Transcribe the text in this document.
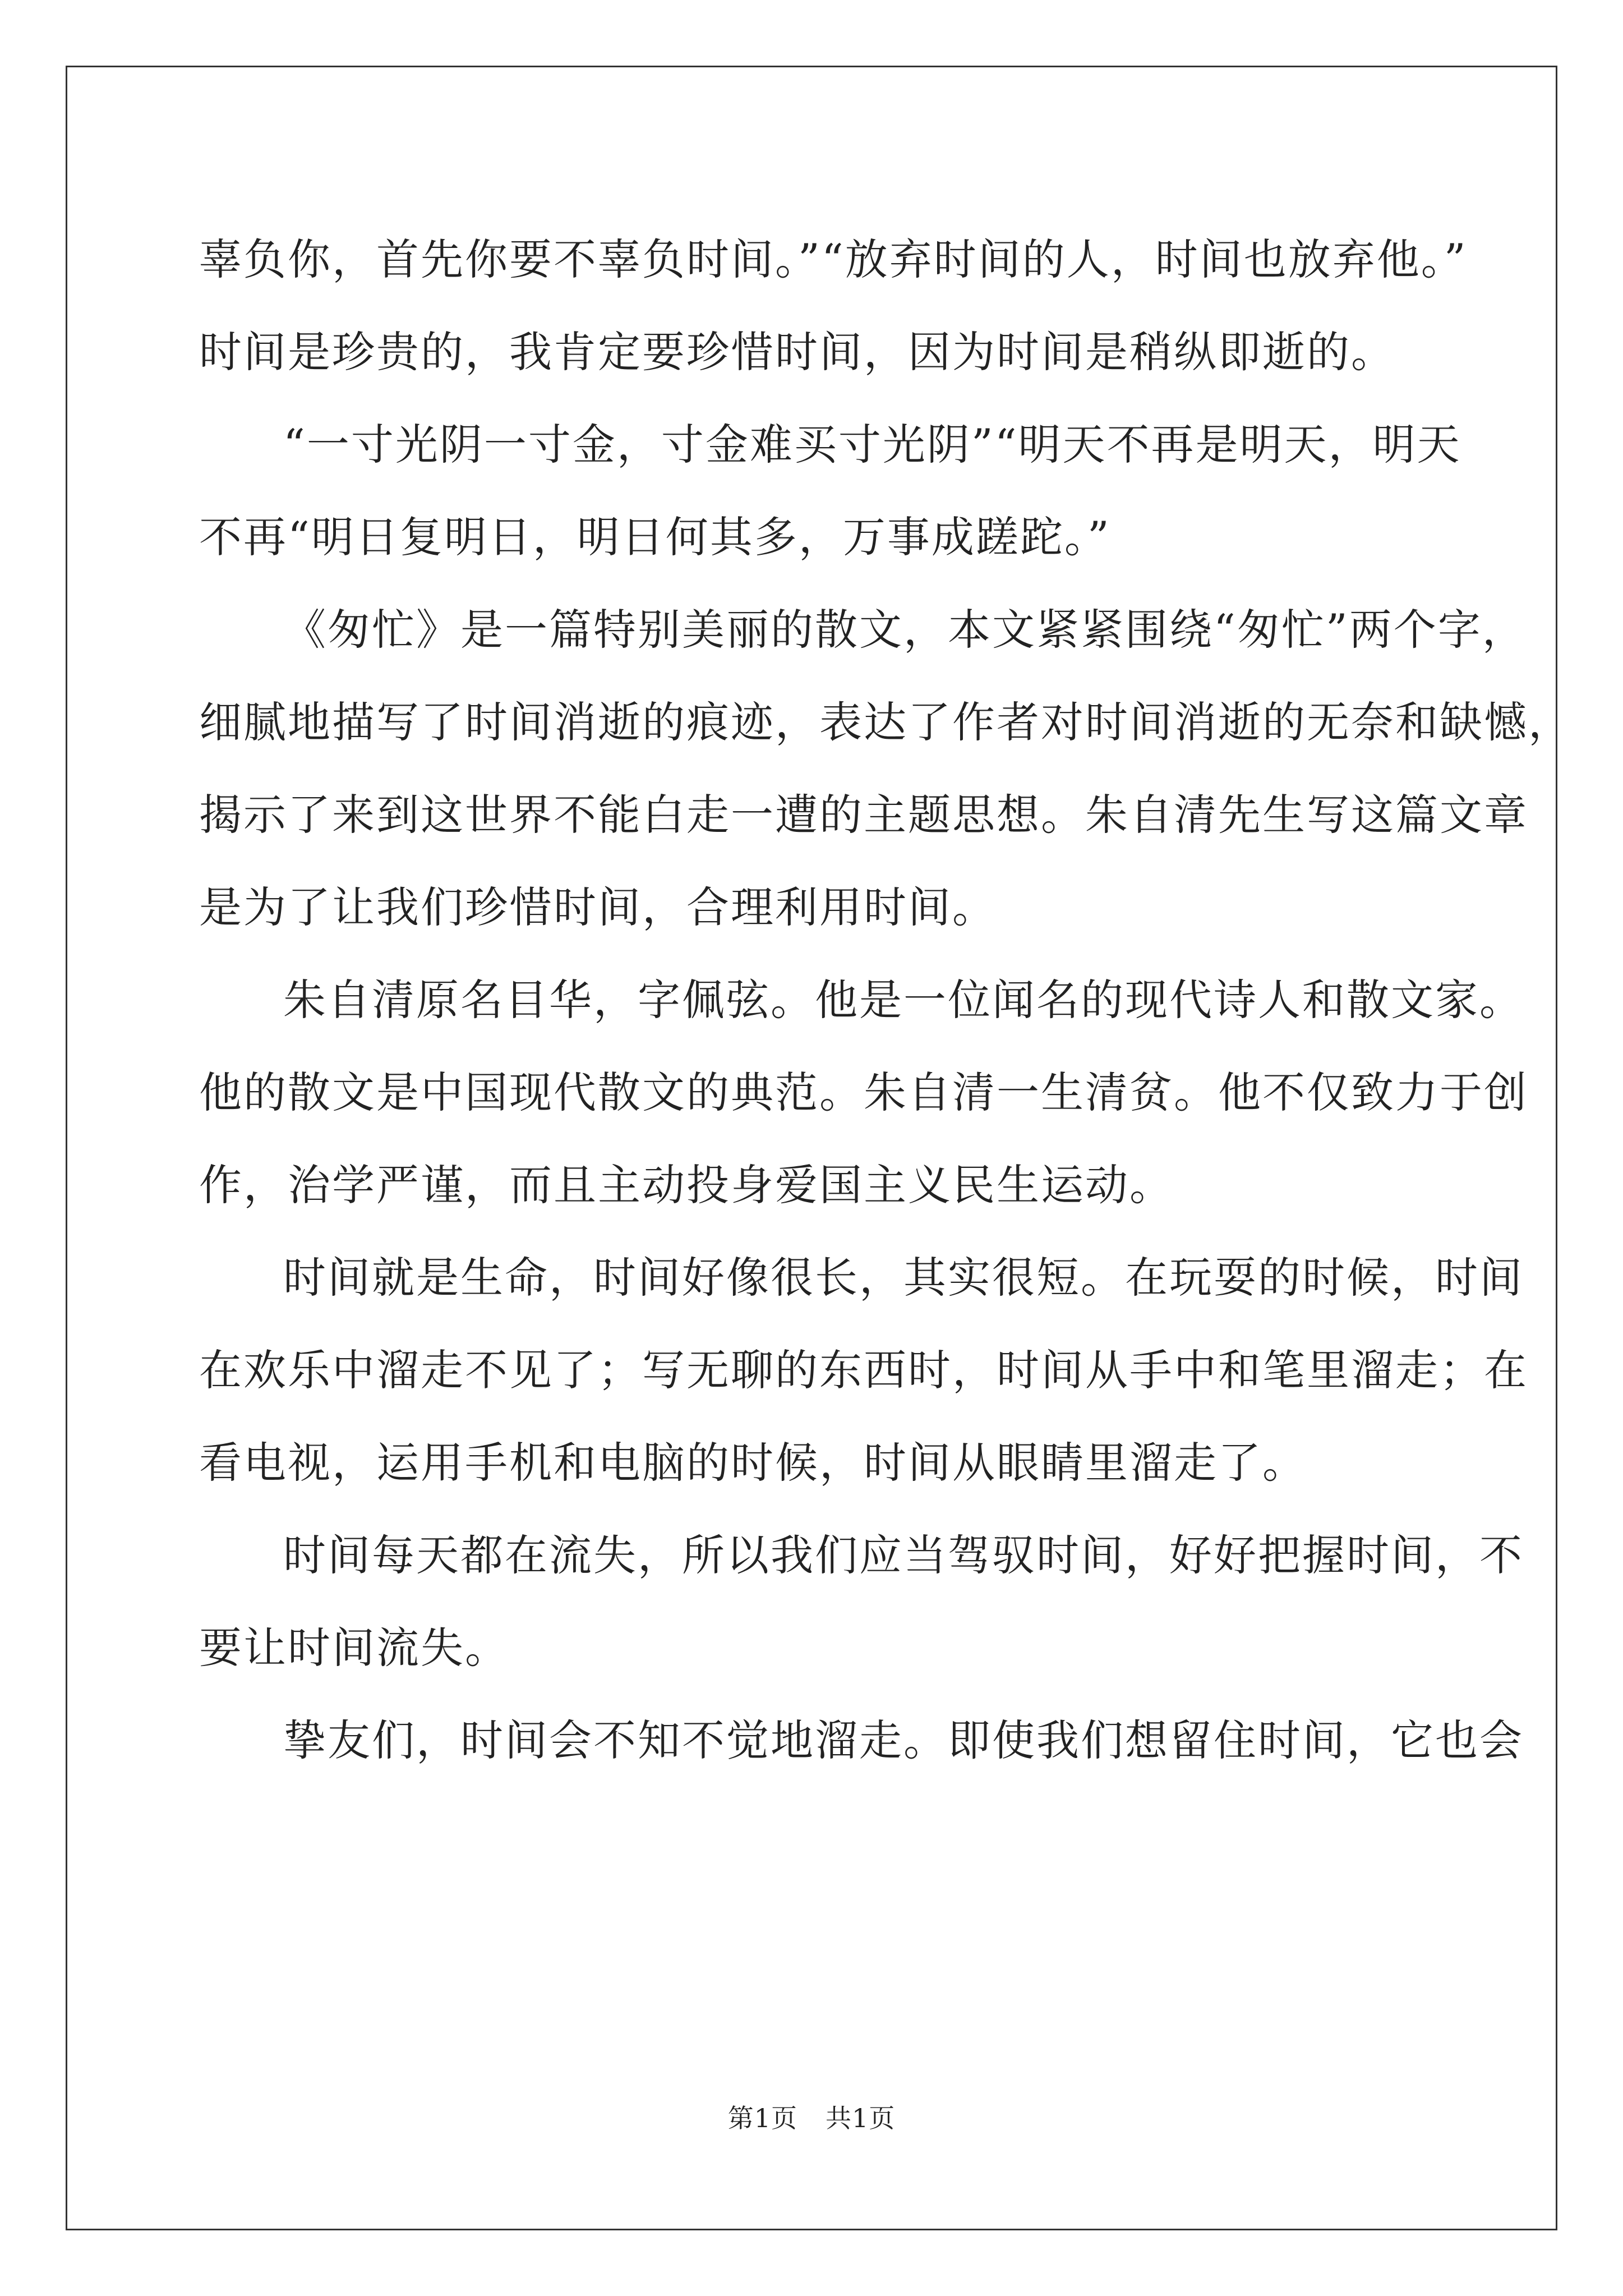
辜负你，首先你要不辜负时间。”“放弃时间的人，时间也放弃他。”
时间是珍贵的，我肯定要珍惜时间，因为时间是稍纵即逝的。
“一寸光阴一寸金，寸金难买寸光阴”“明天不再是明天，明天
不再“明日复明日，明日何其多，万事成蹉跎。”
《匆忙》是一篇特别美丽的散文，本文紧紧围绕“匆忙”两个字，
细腻地描写了时间消逝的痕迹，表达了作者对时间消逝的无奈和缺憾，
揭示了来到这世界不能白走一遭的主题思想。朱自清先生写这篇文章
是为了让我们珍惜时间，合理利用时间。
朱自清原名目华，字佩弦。他是一位闻名的现代诗人和散文家。
他的散文是中国现代散文的典范。朱自清一生清贫。他不仅致力于创
作，治学严谨，而且主动投身爱国主义民生运动。
时间就是生命，时间好像很长，其实很短。在玩耍的时候，时间
在欢乐中溜走不见了；写无聊的东西时，时间从手中和笔里溜走；在
看电视，运用手机和电脑的时候，时间从眼睛里溜走了。
时间每天都在流失，所以我们应当驾驭时间，好好把握时间，不
要让时间流失。
挚友们，时间会不知不觉地溜走。即使我们想留住时间，它也会
第1页 共1页
